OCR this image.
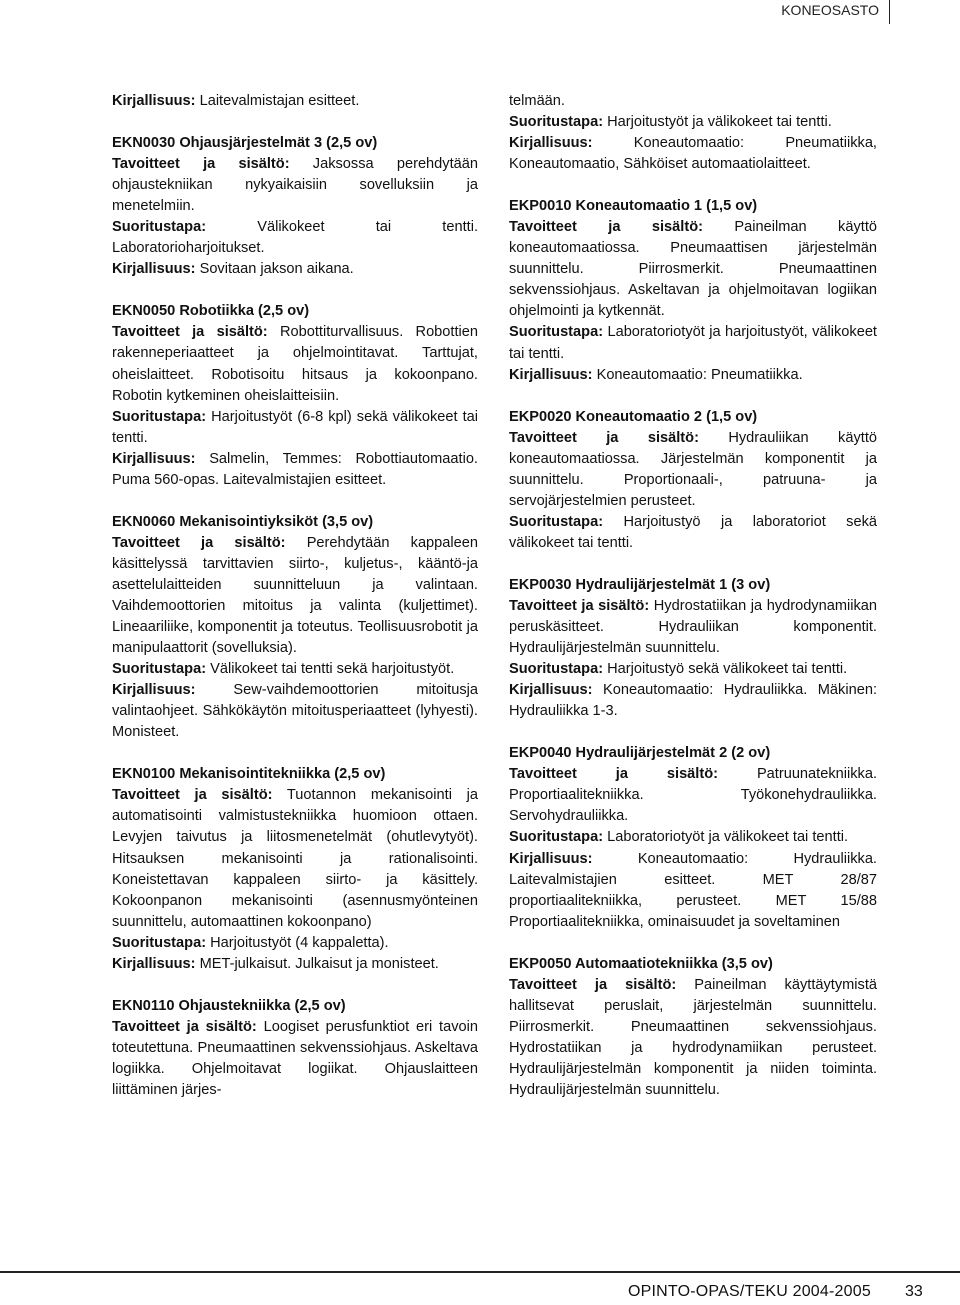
KONEOSASTO

Kirjallisuus: Laitevalmistajan esitteet.

EKN0030 Ohjausjärjestelmät 3 (2,5 ov)

Tavoitteet ja sisältö: Jaksossa perehdytään ohjaustekniikan nykyaikaisiin sovelluksiin ja menetelmiin.

Suoritustapa: Välikokeet tai tentti. Laboratorioharjoitukset.

Kirjallisuus: Sovitaan jakson aikana.

EKN0050 Robotiikka (2,5 ov)

Tavoitteet ja sisältö: Robottiturvallisuus. Robottien rakenneperiaatteet ja ohjelmointitavat. Tarttujat, oheislaitteet. Robotisoitu hitsaus ja kokoonpano. Robotin kytkeminen oheislaitteisiin.

Suoritustapa: Harjoitustyöt (6-8 kpl) sekä välikokeet tai tentti.

Kirjallisuus: Salmelin, Temmes: Robottiautomaatio. Puma 560-opas. Laitevalmistajien esitteet.

EKN0060 Mekanisointiyksiköt (3,5 ov)

Tavoitteet ja sisältö: Perehdytään kappaleen käsittelyssä tarvittavien siirto-, kuljetus-, kääntö-ja asettelulaitteiden suunnitteluun ja valintaan. Vaihdemoottorien mitoitus ja valinta (kuljettimet). Lineaariliike, komponentit ja toteutus. Teollisuusrobotit ja manipulaattorit (sovelluksia).

Suoritustapa: Välikokeet tai tentti sekä harjoitustyöt.

Kirjallisuus: Sew-vaihdemoottorien mitoitusja valintaohjeet. Sähkökäytön mitoitusperiaatteet (lyhyesti). Monisteet.

EKN0100 Mekanisointitekniikka (2,5 ov)

Tavoitteet ja sisältö: Tuotannon mekanisointi ja automatisointi valmistustekniikka huomioon ottaen. Levyjen taivutus ja liitosmenetelmät (ohutlevytyöt). Hitsauksen mekanisointi ja rationalisointi. Koneistettavan kappaleen siirto- ja käsittely. Kokoonpanon mekanisointi (asennusmyönteinen suunnittelu, automaattinen kokoonpano)

Suoritustapa: Harjoitustyöt (4 kappaletta).

Kirjallisuus: MET-julkaisut. Julkaisut ja monisteet.

EKN0110 Ohjaustekniikka (2,5 ov)

Tavoitteet ja sisältö: Loogiset perusfunktiot eri tavoin toteutettuna. Pneumaattinen sekvenssiohjaus. Askeltava logiikka. Ohjelmoitavat logiikat. Ohjauslaitteen liittäminen järjes-

telmään.

Suoritustapa: Harjoitustyöt ja välikokeet tai tentti.

Kirjallisuus: Koneautomaatio: Pneumatiikka, Koneautomaatio, Sähköiset automaatiolaitteet.

EKP0010 Koneautomaatio 1 (1,5 ov)

Tavoitteet ja sisältö: Paineilman käyttö koneautomaatiossa. Pneumaattisen järjestelmän suunnittelu. Piirrosmerkit. Pneumaattinen sekvenssiohjaus. Askeltavan ja ohjelmoitavan logiikan ohjelmointi ja kytkennät.

Suoritustapa: Laboratoriotyöt ja harjoitustyöt, välikokeet tai tentti.

Kirjallisuus: Koneautomaatio: Pneumatiikka.

EKP0020 Koneautomaatio 2 (1,5 ov)

Tavoitteet ja sisältö: Hydrauliikan käyttö koneautomaatiossa. Järjestelmän komponentit ja suunnittelu. Proportionaali-, patruuna- ja servojärjestelmien perusteet.

Suoritustapa: Harjoitustyö ja laboratoriot sekä välikokeet tai tentti.

EKP0030 Hydraulijärjestelmät 1 (3 ov)

Tavoitteet ja sisältö: Hydrostatiikan ja hydrodynamiikan peruskäsitteet. Hydrauliikan komponentit. Hydraulijärjestelmän suunnittelu.

Suoritustapa: Harjoitustyö sekä välikokeet tai tentti.

Kirjallisuus: Koneautomaatio: Hydrauliikka. Mäkinen: Hydrauliikka 1-3.

EKP0040 Hydraulijärjestelmät 2 (2 ov)

Tavoitteet ja sisältö: Patruunatekniikka. Proportiaalitekniikka. Työkonehydrauliikka. Servohydrauliikka.

Suoritustapa: Laboratoriotyöt ja välikokeet tai tentti.

Kirjallisuus: Koneautomaatio: Hydrauliikka. Laitevalmistajien esitteet. MET 28/87 proportiaalitekniikka, perusteet. MET 15/88 Proportiaalitekniikka, ominaisuudet ja soveltaminen

EKP0050 Automaatiotekniikka (3,5 ov)

Tavoitteet ja sisältö: Paineilman käyttäytymistä hallitsevat peruslait, järjestelmän suunnittelu. Piirrosmerkit. Pneumaattinen sekvenssiohjaus. Hydrostatiikan ja hydrodynamiikan perusteet. Hydraulijärjestelmän komponentit ja niiden toiminta. Hydraulijärjestelmän suunnittelu.

OPINTO-OPAS/TEKU 2004-2005 33
